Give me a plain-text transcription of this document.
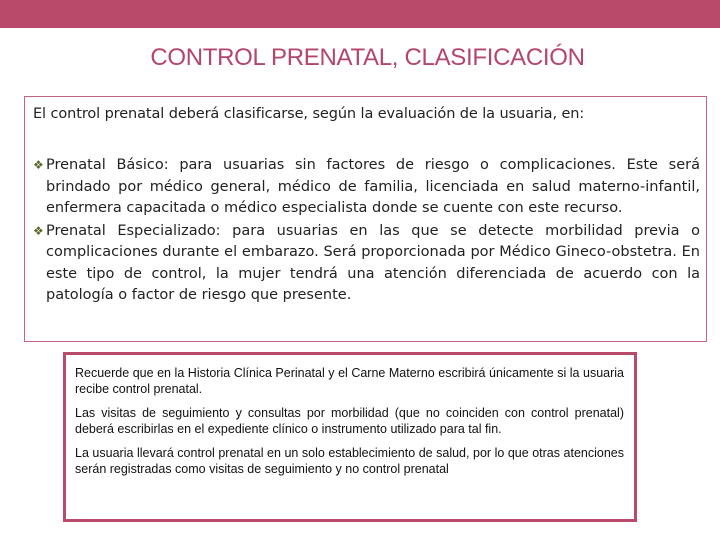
CONTROL PRENATAL, CLASIFICACIÓN
El control prenatal deberá clasificarse, según la evaluación de la usuaria, en:
❖ Prenatal Básico: para usuarias sin factores de riesgo o complicaciones. Este será brindado por médico general, médico de familia, licenciada en salud materno-infantil, enfermera capacitada o médico especialista donde se cuente con este recurso.
❖ Prenatal Especializado: para usuarias en las que se detecte morbilidad previa o complicaciones durante el embarazo. Será proporcionada por Médico Gineco-obstetra. En este tipo de control, la mujer tendrá una atención diferenciada de acuerdo con la patología o factor de riesgo que presente.

Recuerde que en la Historia Clínica Perinatal y el Carne Materno escribirá únicamente si la usuaria recibe control prenatal.

Las visitas de seguimiento y consultas por morbilidad (que no coinciden con control prenatal) deberá escribirlas en el expediente clínico o instrumento utilizado para tal fin.

La usuaria llevará control prenatal en un solo establecimiento de salud, por lo que otras atenciones serán registradas como visitas de seguimiento y no control prenatal
